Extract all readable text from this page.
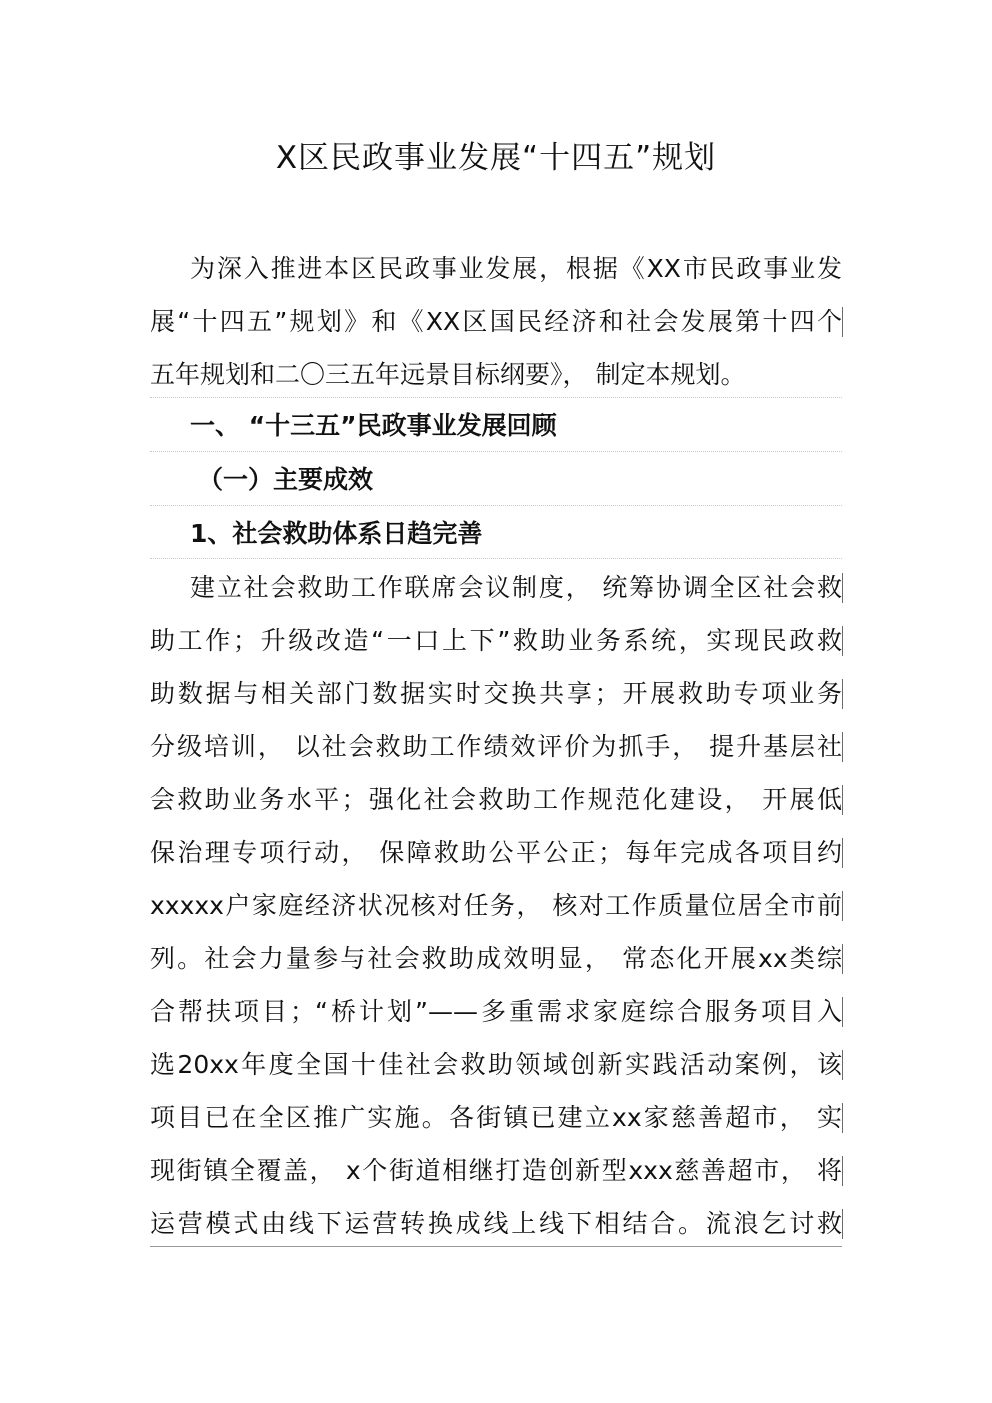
X区民政事业发展“十四五”规划
为深入推进本区民政事业发展，根据《XX市民政事业发
展“十四五”规划》和《XX区国民经济和社会发展第十四个
五年规划和二〇三五年远景目标纲要》， 制定本规划。
一、 “十三五”民政事业发展回顾
（一）主要成效
1、社会救助体系日趋完善
建立社会救助工作联席会议制度， 统筹协调全区社会救
助工作；升级改造“一口上下”救助业务系统，实现民政救
助数据与相关部门数据实时交换共享；开展救助专项业务
分级培训， 以社会救助工作绩效评价为抓手， 提升基层社
会救助业务水平；强化社会救助工作规范化建设， 开展低
保治理专项行动， 保障救助公平公正；每年完成各项目约
xxxxx户家庭经济状况核对任务， 核对工作质量位居全市前
列。社会力量参与社会救助成效明显， 常态化开展xx类综
合帮扶项目；“桥计划”——多重需求家庭综合服务项目入
选20xx年度全国十佳社会救助领域创新实践活动案例，该
项目已在全区推广实施。各街镇已建立xx家慈善超市， 实
现街镇全覆盖， x个街道相继打造创新型xxx慈善超市， 将
运营模式由线下运营转换成线上线下相结合。流浪乞讨救
